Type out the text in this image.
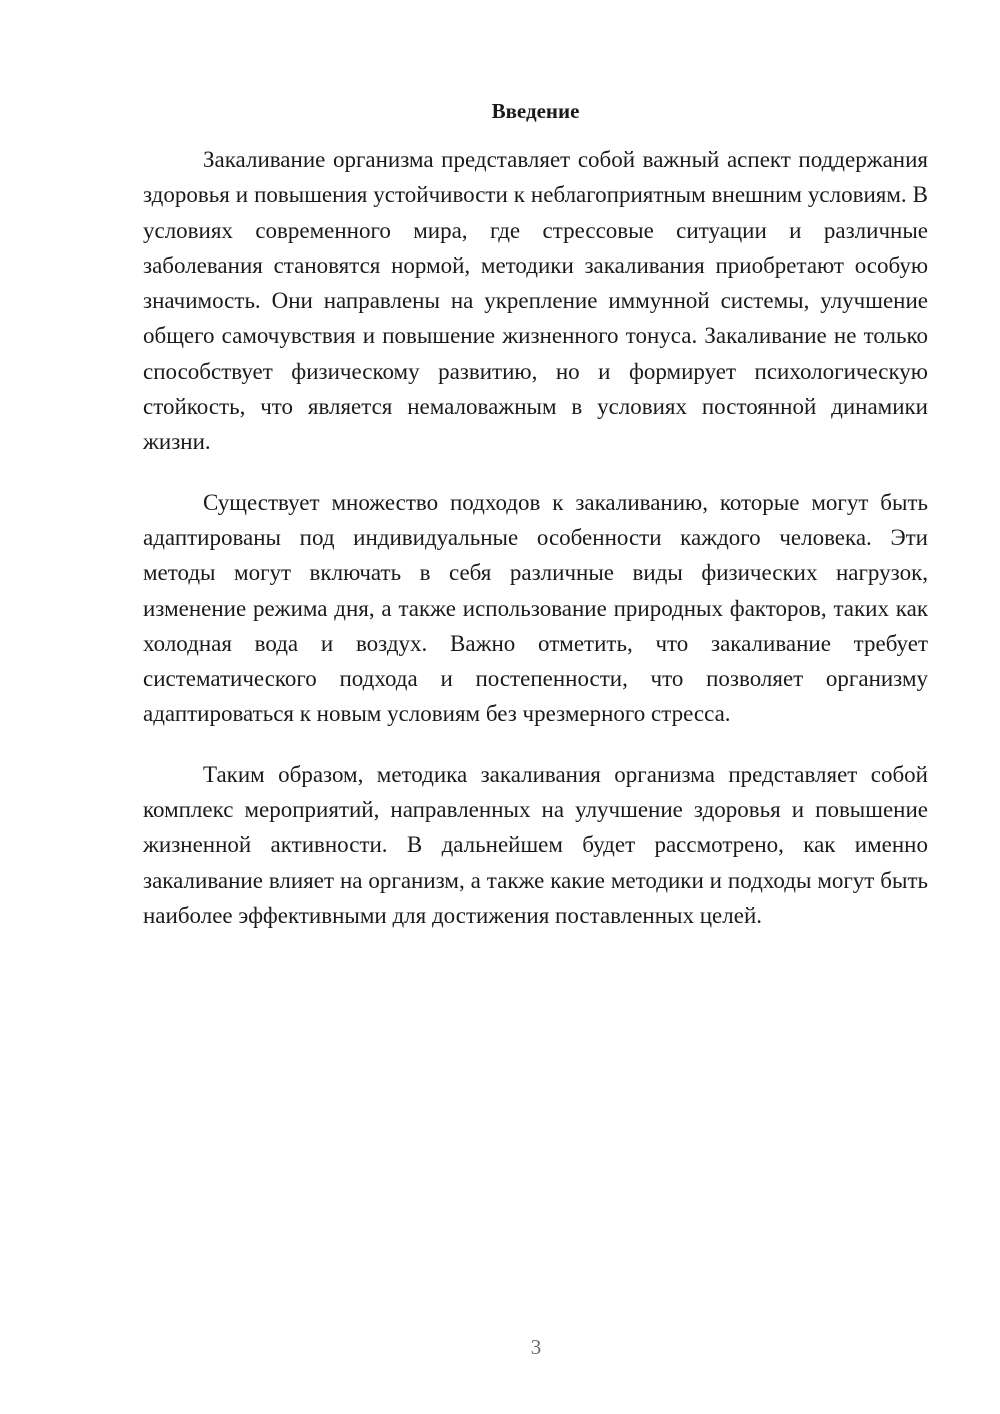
Введение

Закаливание организма представляет собой важный аспект поддержания здоровья и повышения устойчивости к неблагоприятным внешним условиям. В условиях современного мира, где стрессовые ситуации и различные заболевания становятся нормой, методики закаливания приобретают особую значимость. Они направлены на укрепление иммунной системы, улучшение общего самочувствия и повышение жизненного тонуса. Закаливание не только способствует физическому развитию, но и формирует психологическую стойкость, что является немаловажным в условиях постоянной динамики жизни.

Существует множество подходов к закаливанию, которые могут быть адаптированы под индивидуальные особенности каждого человека. Эти методы могут включать в себя различные виды физических нагрузок, изменение режима дня, а также использование природных факторов, таких как холодная вода и воздух. Важно отметить, что закаливание требует систематического подхода и постепенности, что позволяет организму адаптироваться к новым условиям без чрезмерного стресса.

Таким образом, методика закаливания организма представляет собой комплекс мероприятий, направленных на улучшение здоровья и повышение жизненной активности. В дальнейшем будет рассмотрено, как именно закаливание влияет на организм, а также какие методики и подходы могут быть наиболее эффективными для достижения поставленных целей.

3
